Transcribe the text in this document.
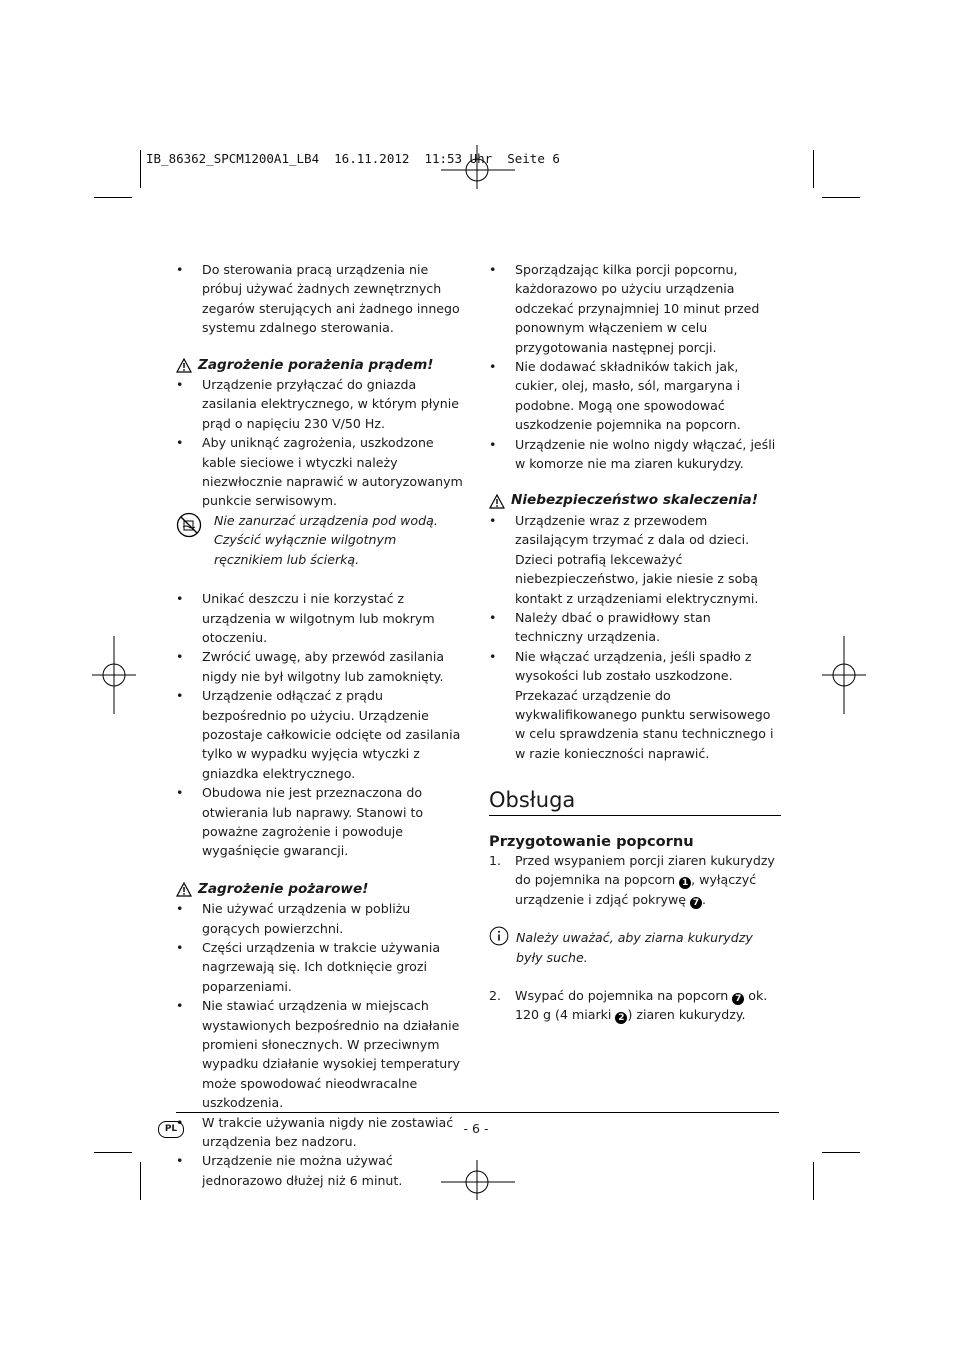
IB_86362_SPCM1200A1_LB4  16.11.2012  11:53 Uhr  Seite 6
• Do sterowania pracą urządzenia nie próbuj używać żadnych zewnętrznych zegarów sterujących ani żadnego innego systemu zdalnego sterowania.
Zagrożenie porażenia prądem!
• Urządzenie przyłączać do gniazda zasilania elektrycznego, w którym płynie prąd o napięciu 230 V/50 Hz.
• Aby uniknąć zagrożenia, uszkodzone kable sieciowe i wtyczki należy niezwłocznie naprawić w autoryzowanym punkcie serwisowym.
Nie zanurzać urządzenia pod wodą. Czyścić wyłącznie wilgotnym ręcznikiem lub ścierką.
• Unikać deszczu i nie korzystać z urządzenia w wilgotnym lub mokrym otoczeniu.
• Zwrócić uwagę, aby przewód zasilania nigdy nie był wilgotny lub zamoknięty.
• Urządzenie odłączać z prądu bezpośrednio po użyciu. Urządzenie pozostaje całkowicie odcięte od zasilania tylko w wypadku wyjęcia wtyczki z gniazdka elektrycznego.
• Obudowa nie jest przeznaczona do otwierania lub naprawy. Stanowi to poważne zagrożenie i powoduje wygaśnięcie gwarancji.
Zagrożenie pożarowe!
• Nie używać urządzenia w pobliżu gorących powierzchni.
• Części urządzenia w trakcie używania nagrzewają się. Ich dotknięcie grozi poparzeniami.
• Nie stawiać urządzenia w miejscach wystawionych bezpośrednio na działanie promieni słonecznych. W przeciwnym wypadku działanie wysokiej temperatury może spowodować nieodwracalne uszkodzenia.
• W trakcie używania nigdy nie zostawiać urządzenia bez nadzoru.
• Urządzenie nie można używać jednorazowo dłużej niż 6 minut.
• Sporządzając kilka porcji popcornu, każdorazowo po użyciu urządzenia odczekać przynajmniej 10 minut przed ponownym włączeniem w celu przygotowania następnej porcji.
• Nie dodawać składników takich jak, cukier, olej, masło, sól, margaryna i podobne. Mogą one spowodować uszkodzenie pojemnika na popcorn.
• Urządzenie nie wolno nigdy włączać, jeśli w komorze nie ma ziaren kukurydzy.
Niebezpieczeństwo skaleczenia!
• Urządzenie wraz z przewodem zasilającym trzymać z dala od dzieci. Dzieci potrafią lekceważyć niebezpieczeństwo, jakie niesie z sobą kontakt z urządzeniami elektrycznymi.
• Należy dbać o prawidłowy stan techniczny urządzenia.
• Nie włączać urządzenia, jeśli spadło z wysokości lub zostało uszkodzone. Przekazać urządzenie do wykwalifikowanego punktu serwisowego w celu sprawdzenia stanu technicznego i w razie konieczności naprawić.
Obsługa
Przygotowanie popcornu
1. Przed wsypaniem porcji ziaren kukurydzy do pojemnika na popcorn 1 , wyłączyć urządzenie i zdjąć pokrywę 7 .
Należy uważać, aby ziarna kukurydzy były suche.
2. Wsypać do pojemnika na popcorn 7 ok. 120 g (4 miarki 2 ) ziaren kukurydzy.
PL	- 6 -
